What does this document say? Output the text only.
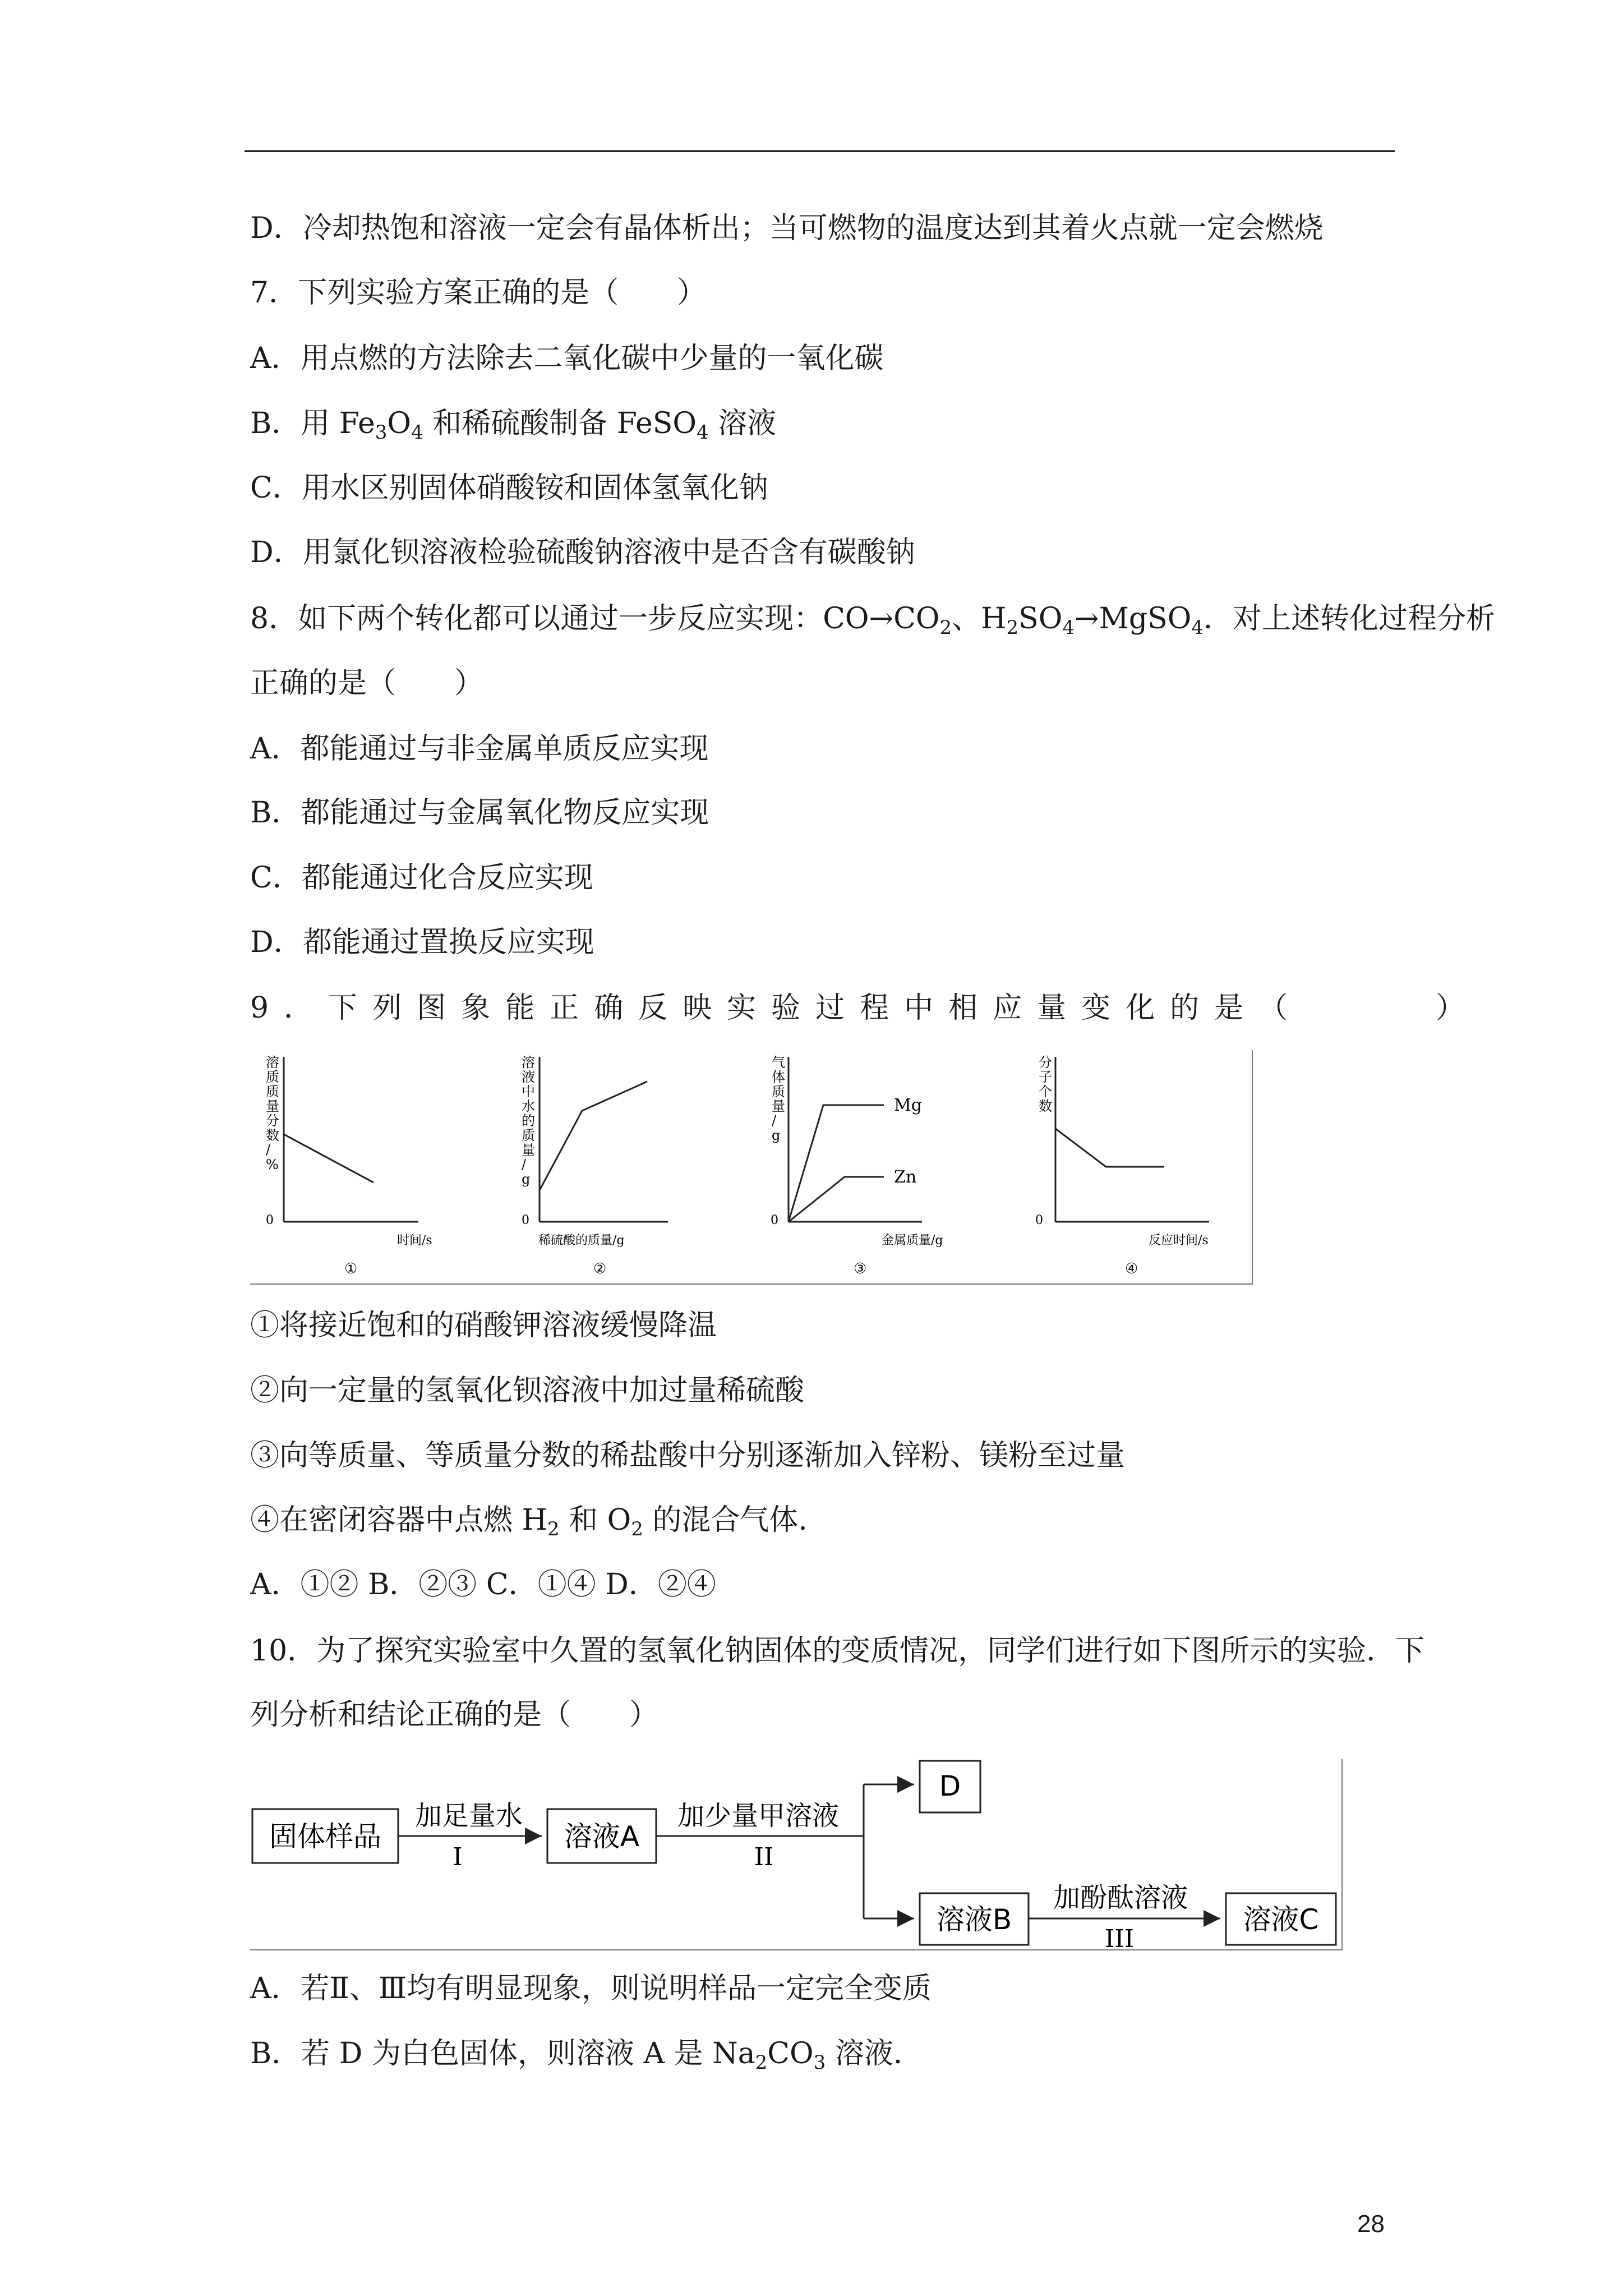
D．冷却热饱和溶液一定会有晶体析出；当可燃物的温度达到其着火点就一定会燃烧
7．下列实验方案正确的是（　　）
A．用点燃的方法除去二氧化碳中少量的一氧化碳
B．用 $Fe_3O_4$ 和稀硫酸制备 FeSO$_4$ 溶液
C．用水区别固体硝酸铵和固体氢氧化钠
D．用氯化钡溶液检验硫酸钠溶液中是否含有碳酸钠
8．如下两个转化都可以通过一步反应实现：$CO\to CO_2$、$H_2SO_4\to MgSO_4$．对上述转化过程分析
正确的是（　　）
A．都能通过与非金属单质反应实现
B．都能通过与金属氧化物反应实现
C．都能通过化合反应实现
D．都能通过置换反应实现
9．下列图象能正确反映实验过程中相应量变化的是（　　　）
0
溶质质量分数/ %
时间/s
①
0
溶液中水的质量/ g
稀硫酸的质量/g
②
Mg
Zn
0
气体质量/ g
金属质量/g
③
0
分子个数
反应时间/s
④
①将接近饱和的硝酸钾溶液缓慢降温
②向一定量的氢氧化钡溶液中加过量稀硫酸
③向等质量、等质量分数的稀盐酸中分别逐渐加入锌粉、镁粉至过量
④在密闭容器中点燃 $H_2$ 和 $O_2$ 的混合气体．
A．①② B．②③ C．①④ D．②④
10．为了探究实验室中久置的氢氧化钠固体的变质情况，同学们进行如下图所示的实验．下
列分析和结论正确的是（　　）
固体样品
加足量水
I
溶液A
加少量甲溶液
II
D
溶液B
加酚酞溶液
III
溶液C
A．若Ⅱ、Ⅲ均有明显现象，则说明样品一定完全变质
B．若 D 为白色固体，则溶液 A 是 $Na_2CO_3$ 溶液．
28
